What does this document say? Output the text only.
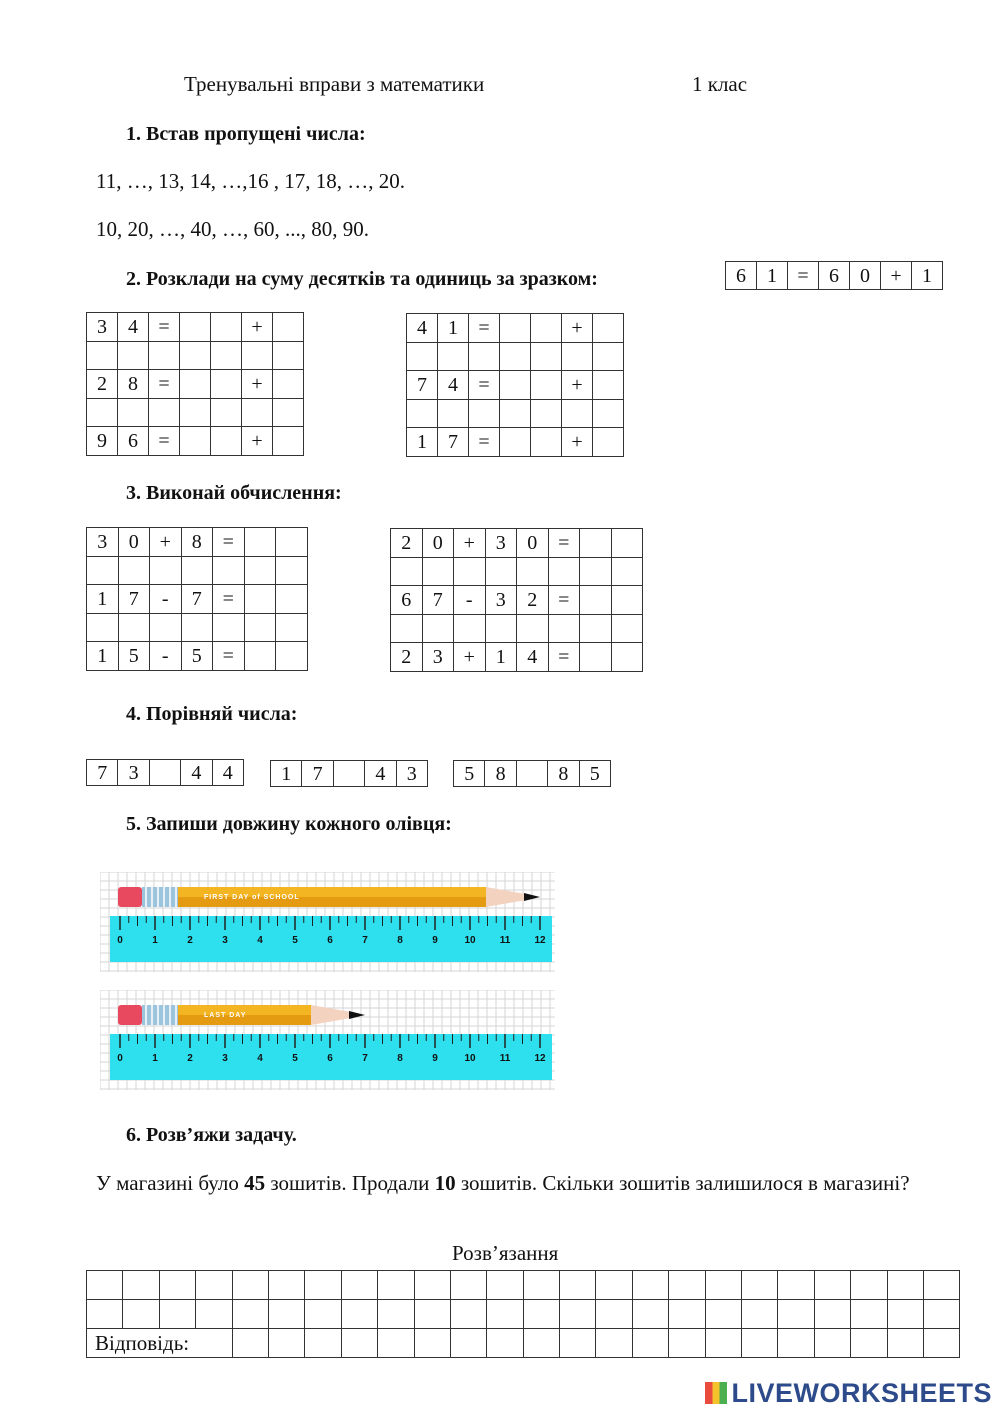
Тренувальні вправи з математики	1 клас
1. Встав пропущені числа:
11, …, 13, 14, …,16 , 17, 18, …, 20.
10, 20, …, 40, …, 60, ..., 80, 90.
2. Розклади на суму десятків та одиниць за зразком:	6	1	=	6	0	+	1
3	4	=			+	

2	8	=			+	

9	6	=			+	
4	1	=			+	

7	4	=			+	

1	7	=			+	
3. Виконай обчислення:
3	0	+	8	=		

1	7	-	7	=		

1	5	-	5	=		
2	0	+	3	0	=		

6	7	-	3	2	=		

2	3	+	1	4	=		
4. Порівняй числа:
7	3		4	4 1	7		4	3 5	8		8	5
5. Запиши довжину кожного олівця:
0	1	2	3	4	5	6	7	8	9	10 11 12
FIRST DAY of SCHOOL
0	1	2	3	4	5	6	7	8	9	10 11 12
LAST DAY
6. Розв’яжи задачу.
У магазині було 45 зошитів. Продали 10 зошитів. Скільки зошитів залишилося в магазині?
Розв’язання

Відповідь:																							
LIVEWORKSHEETS
